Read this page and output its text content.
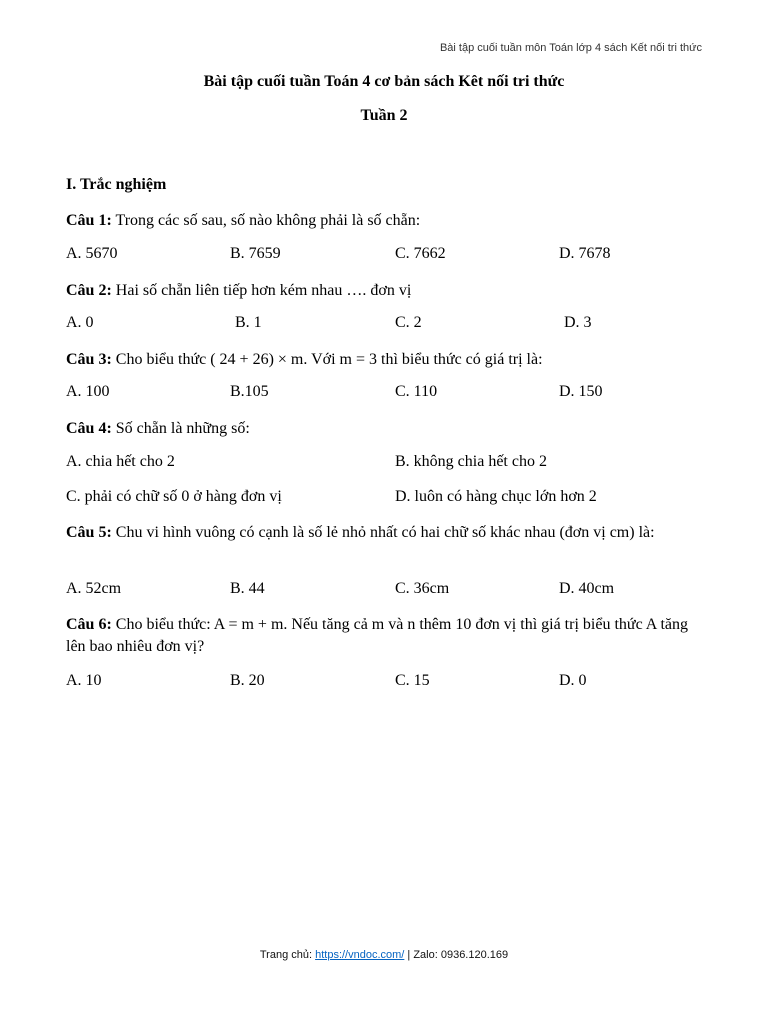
Bài tập cuối tuần môn Toán lớp 4 sách Kết nối tri thức
Bài tập cuối tuần Toán 4 cơ bản sách Kêt nối tri thức
Tuần 2
I. Trắc nghiệm
Câu 1: Trong các số sau, số nào không phải là số chẵn:
A. 5670	B. 7659	C. 7662	D. 7678
Câu 2: Hai số chẵn liên tiếp hơn kém nhau …. đơn vị
A. 0	B. 1	C. 2	D. 3
Câu 3: Cho biểu thức ( 24 + 26) × m. Với m = 3 thì biểu thức có giá trị là:
A. 100	B.105	C. 110	D. 150
Câu 4: Số chẵn là những số:
A. chia hết cho 2	B. không chia hết cho 2
C. phải có chữ số 0 ở hàng đơn vị	D. luôn có hàng chục lớn hơn 2
Câu 5: Chu vi hình vuông có cạnh là số lẻ nhỏ nhất có hai chữ số khác nhau (đơn vị cm) là:
A. 52cm	B. 44	C. 36cm	D. 40cm
Câu 6: Cho biểu thức: A = m + m. Nếu tăng cả m và n thêm 10 đơn vị thì giá trị biểu thức A tăng lên bao nhiêu đơn vị?
A. 10	B. 20	C. 15	D. 0
Trang chủ: https://vndoc.com/ | Zalo: 0936.120.169
